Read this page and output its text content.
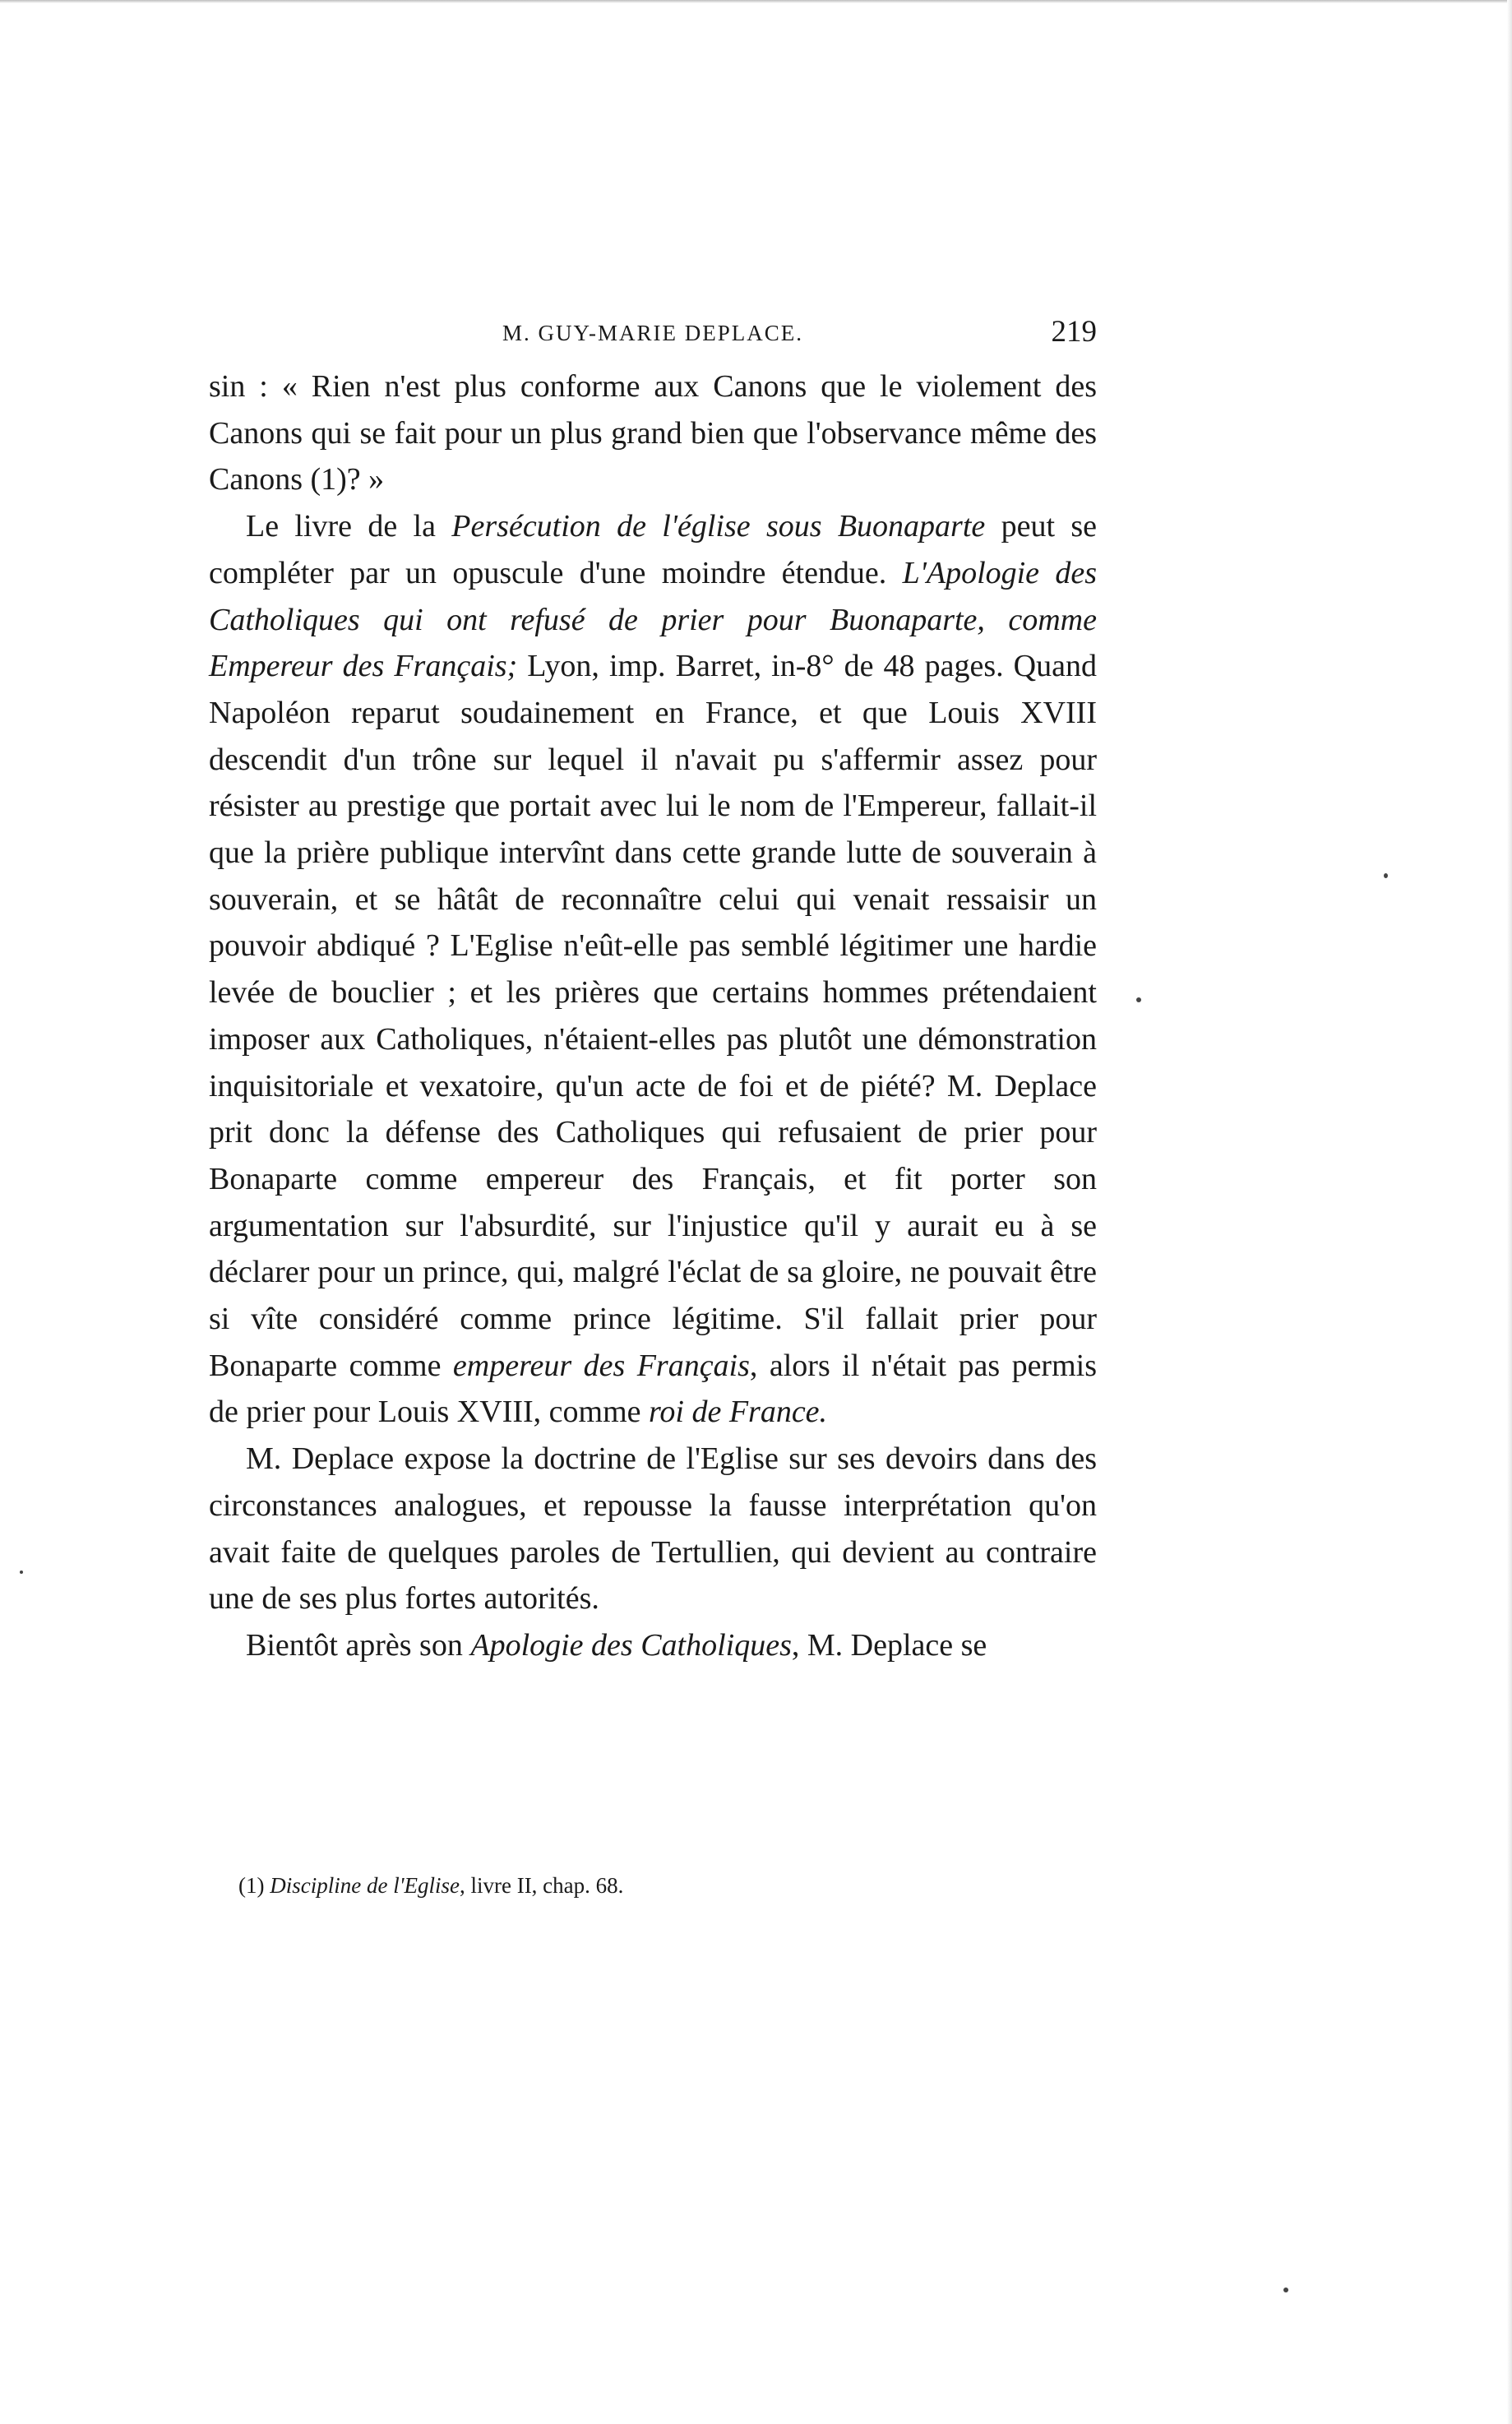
M. GUY-MARIE DEPLACE.	219

sin : « Rien n'est plus conforme aux Canons que le violement des Canons qui se fait pour un plus grand bien que l'observance même des Canons (1)? »

Le livre de la Persécution de l'église sous Buonaparte peut se compléter par un opuscule d'une moindre étendue. L'Apologie des Catholiques qui ont refusé de prier pour Buonaparte, comme Empereur des Français; Lyon, imp. Barret, in-8° de 48 pages. Quand Napoléon reparut soudainement en France, et que Louis XVIII descendit d'un trône sur lequel il n'avait pu s'affermir assez pour résister au prestige que portait avec lui le nom de l'Empereur, fallait-il que la prière publique intervînt dans cette grande lutte de souverain à souverain, et se hâtât de reconnaître celui qui venait ressaisir un pouvoir abdiqué ? L'Eglise n'eût-elle pas semblé légitimer une hardie levée de bouclier ; et les prières que certains hommes prétendaient imposer aux Catholiques, n'étaient-elles pas plutôt une démonstration inquisitoriale et vexatoire, qu'un acte de foi et de piété? M. Deplace prit donc la défense des Catholiques qui refusaient de prier pour Bonaparte comme empereur des Français, et fit porter son argumentation sur l'absurdité, sur l'injustice qu'il y aurait eu à se déclarer pour un prince, qui, malgré l'éclat de sa gloire, ne pouvait être si vîte considéré comme prince légitime. S'il fallait prier pour Bonaparte comme empereur des Français, alors il n'était pas permis de prier pour Louis XVIII, comme roi de France.

M. Deplace expose la doctrine de l'Eglise sur ses devoirs dans des circonstances analogues, et repousse la fausse interprétation qu'on avait faite de quelques paroles de Tertullien, qui devient au contraire une de ses plus fortes autorités.

Bientôt après son Apologie des Catholiques, M. Deplace se

(1) Discipline de l'Eglise, livre II, chap. 68.
